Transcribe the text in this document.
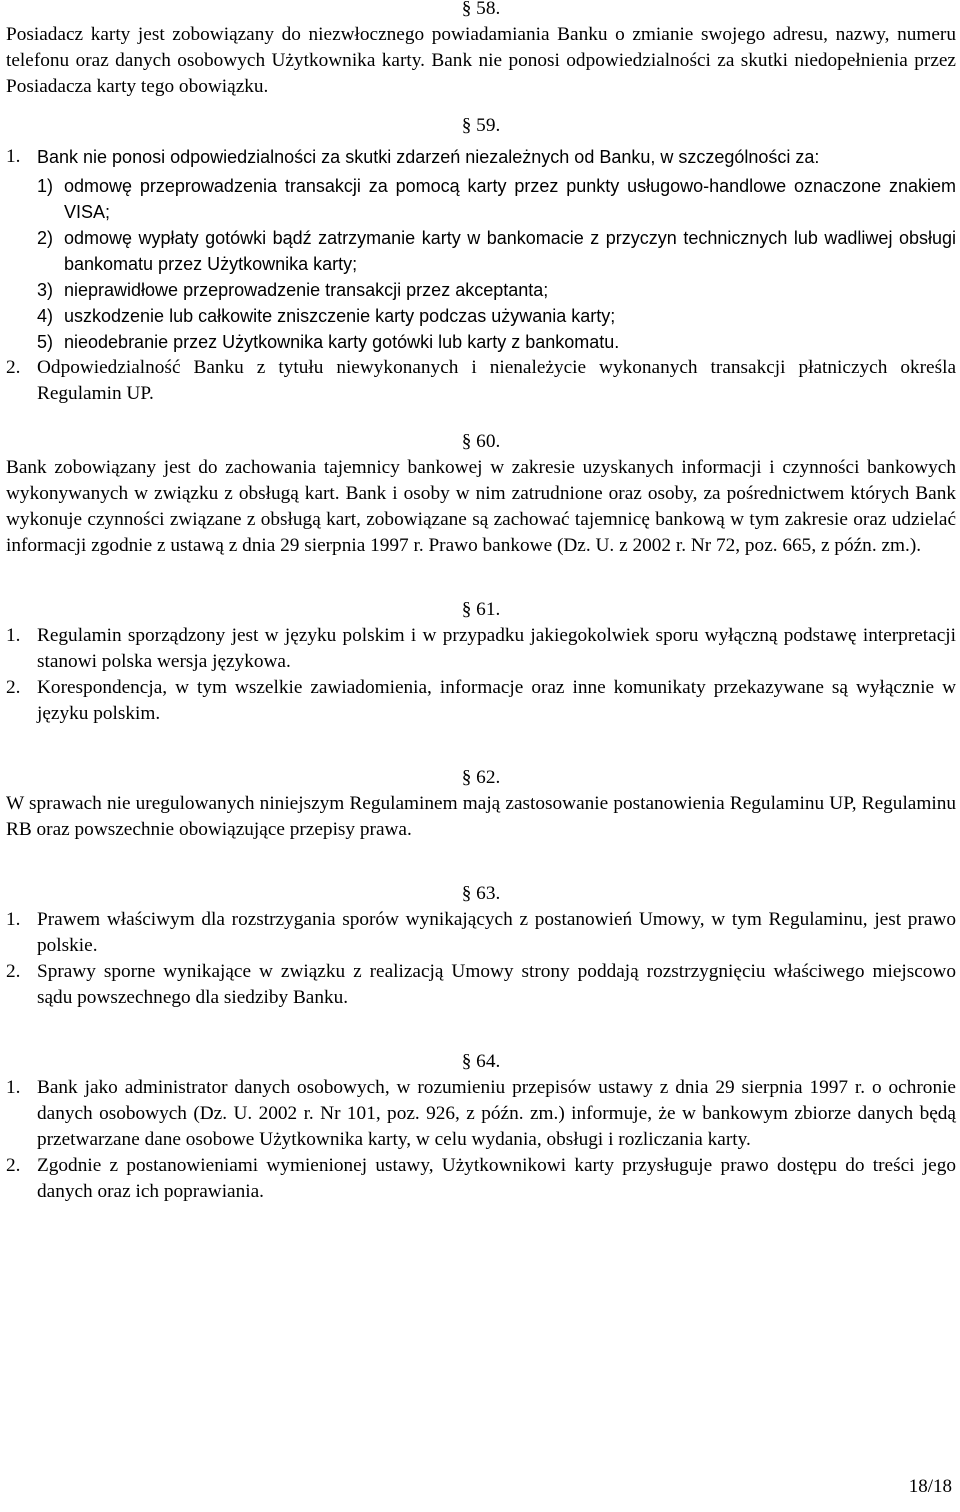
§ 58.

Posiadacz karty jest zobowiązany do niezwłocznego powiadamiania Banku o zmianie swojego adresu, nazwy, numeru telefonu oraz danych osobowych Użytkownika karty. Bank nie ponosi odpowiedzialności za skutki niedopełnienia przez Posiadacza karty tego obowiązku.

§ 59.

1. Bank nie ponosi odpowiedzialności za skutki zdarzeń niezależnych od Banku, w szczególności za:
1) odmowę przeprowadzenia transakcji za pomocą karty przez punkty usługowo-handlowe oznaczone znakiem VISA;
2) odmowę wypłaty gotówki bądź zatrzymanie karty w bankomacie z przyczyn technicznych lub wadliwej obsługi bankomatu przez Użytkownika karty;
3) nieprawidłowe przeprowadzenie transakcji przez akceptanta;
4) uszkodzenie lub całkowite zniszczenie karty podczas używania karty;
5) nieodebranie przez Użytkownika karty gotówki lub karty z bankomatu.
2. Odpowiedzialność Banku z tytułu niewykonanych i nienależycie wykonanych transakcji płatniczych określa Regulamin UP.

§ 60.

Bank zobowiązany jest do zachowania tajemnicy bankowej w zakresie uzyskanych informacji i czynności bankowych wykonywanych w związku z obsługą kart. Bank i osoby w nim zatrudnione oraz osoby, za pośrednictwem których Bank wykonuje czynności związane z obsługą kart, zobowiązane są zachować tajemnicę bankową w tym zakresie oraz udzielać informacji zgodnie z ustawą z dnia 29 sierpnia 1997 r. Prawo bankowe (Dz. U. z 2002 r. Nr 72, poz. 665, z późn. zm.).

§ 61.

1. Regulamin sporządzony jest w języku polskim i w przypadku jakiegokolwiek sporu wyłączną podstawę interpretacji stanowi polska wersja językowa.
2. Korespondencja, w tym wszelkie zawiadomienia, informacje oraz inne komunikaty przekazywane są wyłącznie w języku polskim.

§ 62.

W sprawach nie uregulowanych niniejszym Regulaminem mają zastosowanie postanowienia Regulaminu UP, Regulaminu RB oraz powszechnie obowiązujące przepisy prawa.

§ 63.

1. Prawem właściwym dla rozstrzygania sporów wynikających z postanowień Umowy, w tym Regulaminu, jest prawo polskie.
2. Sprawy sporne wynikające w związku z realizacją Umowy strony poddają rozstrzygnięciu właściwego miejscowo sądu powszechnego dla siedziby Banku.

§ 64.

1. Bank jako administrator danych osobowych, w rozumieniu przepisów ustawy z dnia 29 sierpnia 1997 r. o ochronie danych osobowych (Dz. U. 2002 r. Nr 101, poz. 926, z późn. zm.) informuje, że w bankowym zbiorze danych będą przetwarzane dane osobowe Użytkownika karty, w celu wydania, obsługi i rozliczania karty.
2. Zgodnie z postanowieniami wymienionej ustawy, Użytkownikowi karty przysługuje prawo dostępu do treści jego danych oraz ich poprawiania.
18/18
